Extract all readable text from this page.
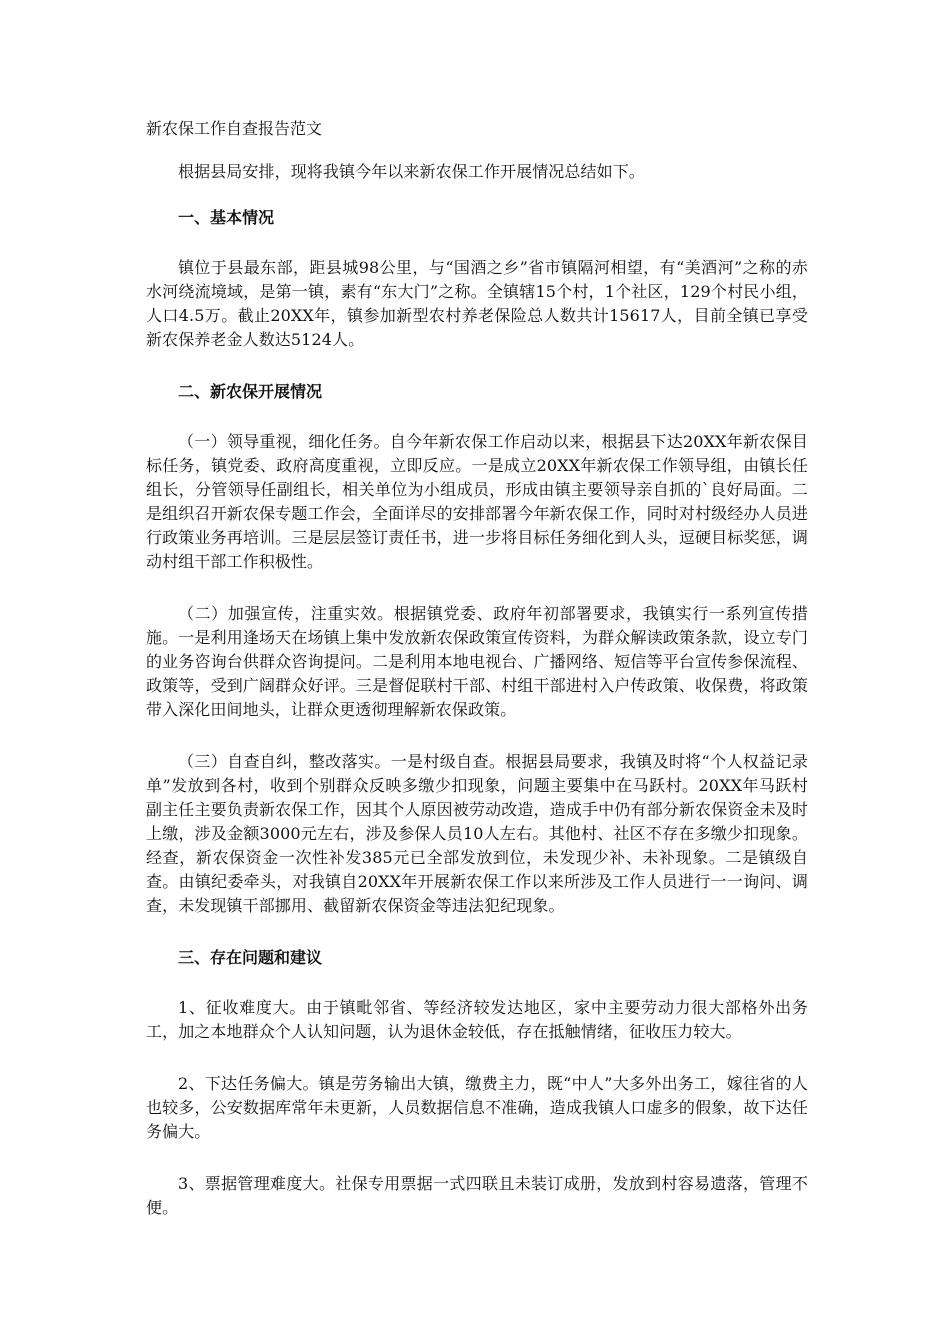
新农保工作自查报告范文

根据县局安排，现将我镇今年以来新农保工作开展情况总结如下。

一、基本情况

镇位于县最东部，距县城98公里，与“国酒之乡”省市镇隔河相望，有“美酒河”之称的赤水河绕流境域，是第一镇，素有“东大门”之称。全镇辖15个村，1个社区，129个村民小组，人口4.5万。截止20XX年，镇参加新型农村养老保险总人数共计15617人，目前全镇已享受新农保养老金人数达5124人。

二、新农保开展情况

（一）领导重视，细化任务。自今年新农保工作启动以来，根据县下达20XX年新农保目标任务，镇党委、政府高度重视，立即反应。一是成立20XX年新农保工作领导组，由镇长任组长，分管领导任副组长，相关单位为小组成员，形成由镇主要领导亲自抓的`良好局面。二是组织召开新农保专题工作会，全面详尽的安排部署今年新农保工作，同时对村级经办人员进行政策业务再培训。三是层层签订责任书，进一步将目标任务细化到人头，逗硬目标奖惩，调动村组干部工作积极性。

（二）加强宣传，注重实效。根据镇党委、政府年初部署要求，我镇实行一系列宣传措施。一是利用逢场天在场镇上集中发放新农保政策宣传资料，为群众解读政策条款，设立专门的业务咨询台供群众咨询提问。二是利用本地电视台、广播网络、短信等平台宣传参保流程、政策等，受到广阔群众好评。三是督促联村干部、村组干部进村入户传政策、收保费，将政策带入深化田间地头，让群众更透彻理解新农保政策。

（三）自查自纠，整改落实。一是村级自查。根据县局要求，我镇及时将“个人权益记录单”发放到各村，收到个别群众反映多缴少扣现象，问题主要集中在马跃村。20XX年马跃村副主任主要负责新农保工作，因其个人原因被劳动改造，造成手中仍有部分新农保资金未及时上缴，涉及金额3000元左右，涉及参保人员10人左右。其他村、社区不存在多缴少扣现象。经查，新农保资金一次性补发385元已全部发放到位，未发现少补、未补现象。二是镇级自查。由镇纪委牵头，对我镇自20XX年开展新农保工作以来所涉及工作人员进行一一询问、调查，未发现镇干部挪用、截留新农保资金等违法犯纪现象。

三、存在问题和建议

1、征收难度大。由于镇毗邻省、等经济较发达地区，家中主要劳动力很大部格外出务工，加之本地群众个人认知问题，认为退休金较低，存在抵触情绪，征收压力较大。

2、下达任务偏大。镇是劳务输出大镇，缴费主力，既“中人”大多外出务工，嫁往省的人也较多，公安数据库常年未更新，人员数据信息不准确，造成我镇人口虚多的假象，故下达任务偏大。

3、票据管理难度大。社保专用票据一式四联且未装订成册，发放到村容易遗落，管理不便。
